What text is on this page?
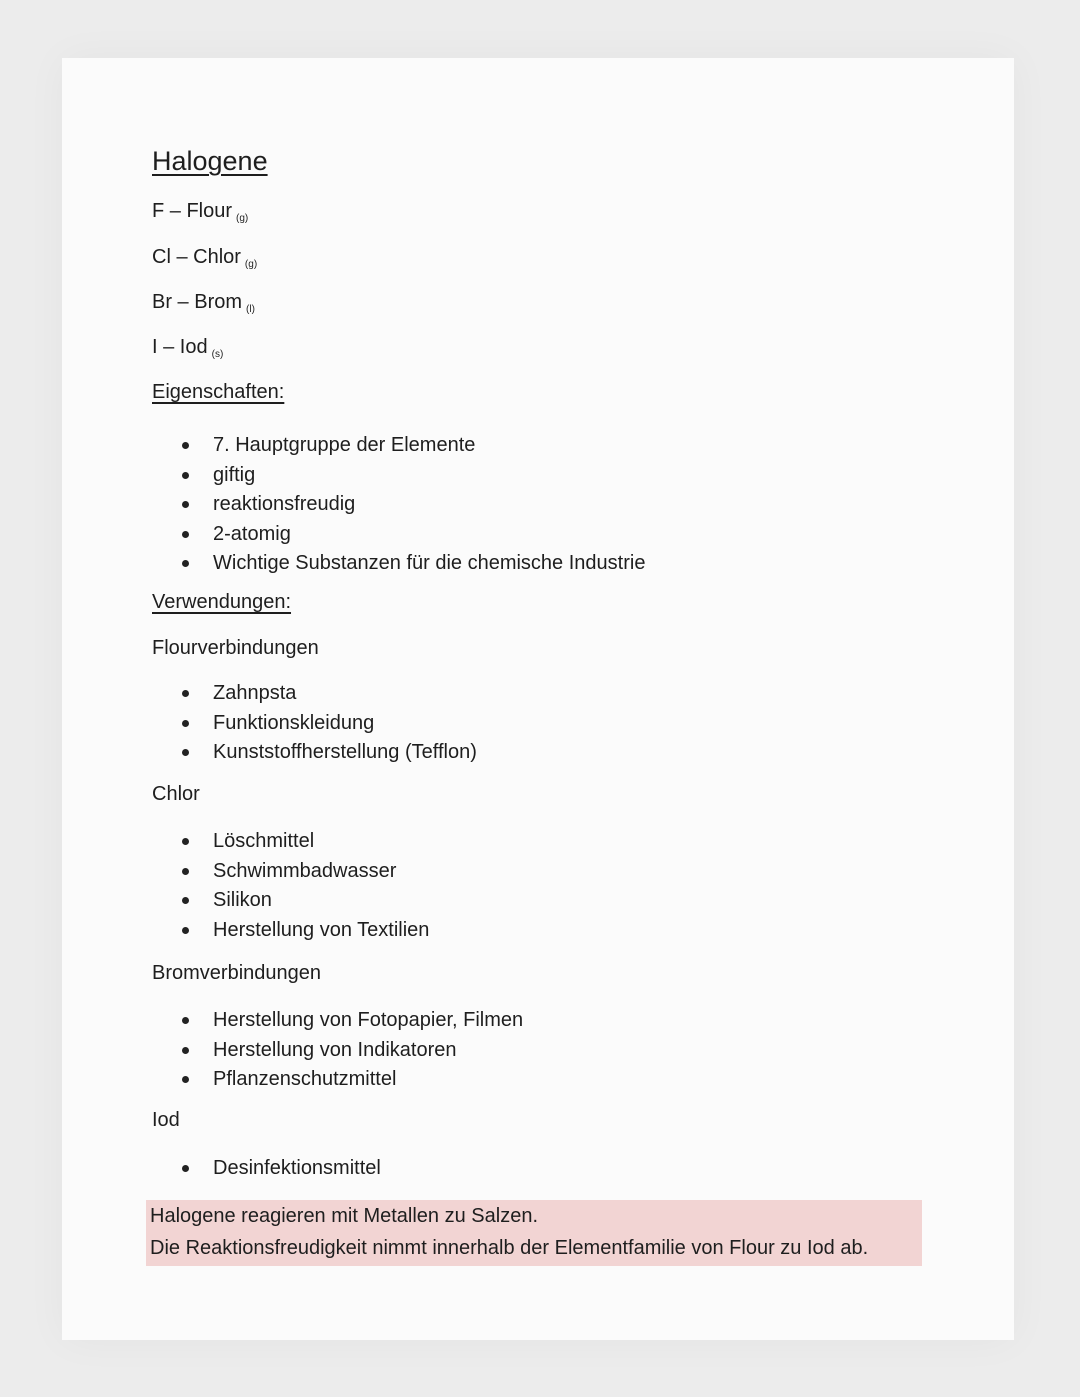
Halogene
F – Flour $_{(g)}$
Cl – Chlor $_{(g)}$
Br – Brom $_{(l)}$
I – Iod $_{(s)}$
Eigenschaften:
7. Hauptgruppe der Elemente
giftig
reaktionsfreudig
2-atomig
Wichtige Substanzen für die chemische Industrie
Verwendungen:
Flourverbindungen
Zahnpsta
Funktionskleidung
Kunststoffherstellung (Tefflon)
Chlor
Löschmittel
Schwimmbadwasser
Silikon
Herstellung von Textilien
Bromverbindungen
Herstellung von Fotopapier, Filmen
Herstellung von Indikatoren
Pflanzenschutzmittel
Iod
Desinfektionsmittel
Halogene reagieren mit Metallen zu Salzen.
Die Reaktionsfreudigkeit nimmt innerhalb der Elementfamilie von Flour zu Iod ab.
